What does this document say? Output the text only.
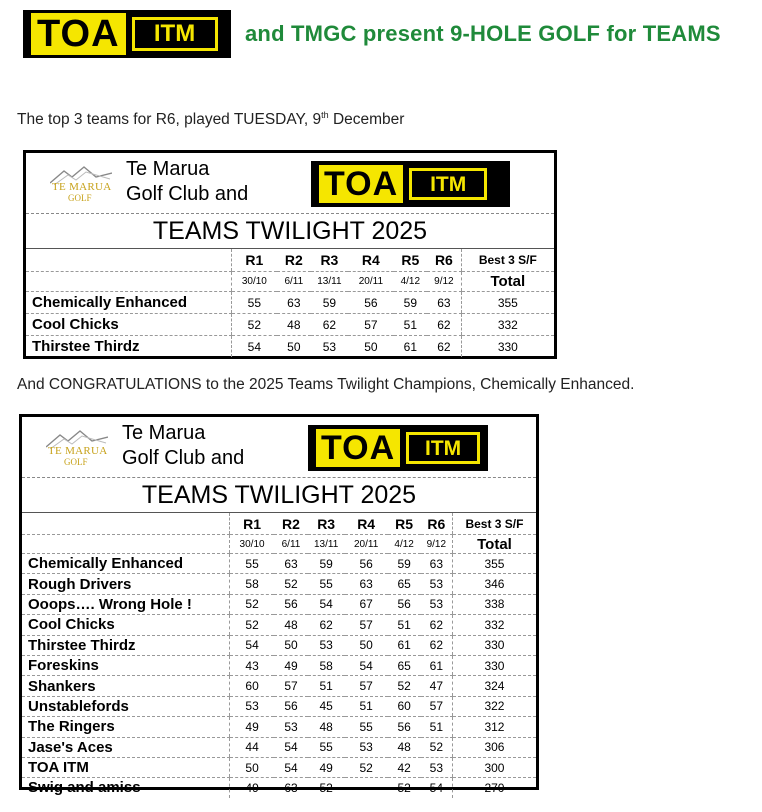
TOA	ITM	and TMGC present 9-HOLE GOLF for TEAMS
The top 3 teams for R6, played TUESDAY, 9th December
TE MARUA
GOLF
Te Marua
Golf Club and TOA	ITM
TEAMS TWILIGHT 2025
	R1	R2	R3	R4	R5	R6	Best 3 S/F
	30/10	6/11	13/11	20/11	4/12	9/12	Total
Chemically Enhanced	55	63	59	56	59	63	355
Cool Chicks	52	48	62	57	51	62	332
Thirstee Thirdz	54	50	53	50	61	62	330
And CONGRATULATIONS to the 2025 Teams Twilight Champions, Chemically Enhanced.
TE MARUA
GOLF
Te Marua
Golf Club and TOA	ITM
TEAMS TWILIGHT 2025
	R1	R2	R3	R4	R5	R6	Best 3 S/F
	30/10	6/11	13/11	20/11	4/12	9/12	Total
Chemically Enhanced	55	63	59	56	59	63	355
Rough Drivers	58	52	55	63	65	53	346
Ooops…. Wrong Hole !	52	56	54	67	56	53	338
Cool Chicks	52	48	62	57	51	62	332
Thirstee Thirdz	54	50	53	50	61	62	330
Foreskins	43	49	58	54	65	61	330
Shankers	60	57	51	57	52	47	324
Unstablefords	53	56	45	51	60	57	322
The Ringers	49	53	48	55	56	51	312
Jase's Aces	44	54	55	53	48	52	306
TOA ITM	50	54	49	52	42	53	300
Swig and amiss	49	63	52		52	54	270
